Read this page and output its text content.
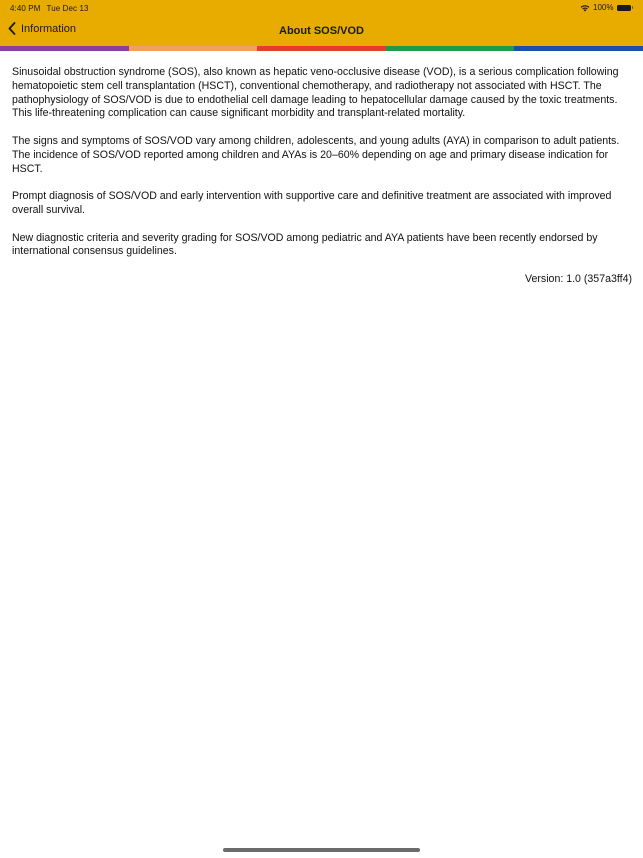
4:40 PM Tue Dec 13	100%
Information	About SOS/VOD

Sinusoidal obstruction syndrome (SOS), also known as hepatic veno-occlusive disease (VOD), is a serious complication following hematopoietic stem cell transplantation (HSCT), conventional chemotherapy, and radiotherapy not associated with HSCT. The pathophysiology of SOS/VOD is due to endothelial cell damage leading to hepatocellular damage caused by the toxic treatments. This life-threatening complication can cause significant morbidity and transplant-related mortality.

The signs and symptoms of SOS/VOD vary among children, adolescents, and young adults (AYA) in comparison to adult patients. The incidence of SOS/VOD reported among children and AYAs is 20–60% depending on age and primary disease indication for HSCT.

Prompt diagnosis of SOS/VOD and early intervention with supportive care and definitive treatment are associated with improved overall survival.

New diagnostic criteria and severity grading for SOS/VOD among pediatric and AYA patients have been recently endorsed by international consensus guidelines.

Version: 1.0 (357a3ff4)
